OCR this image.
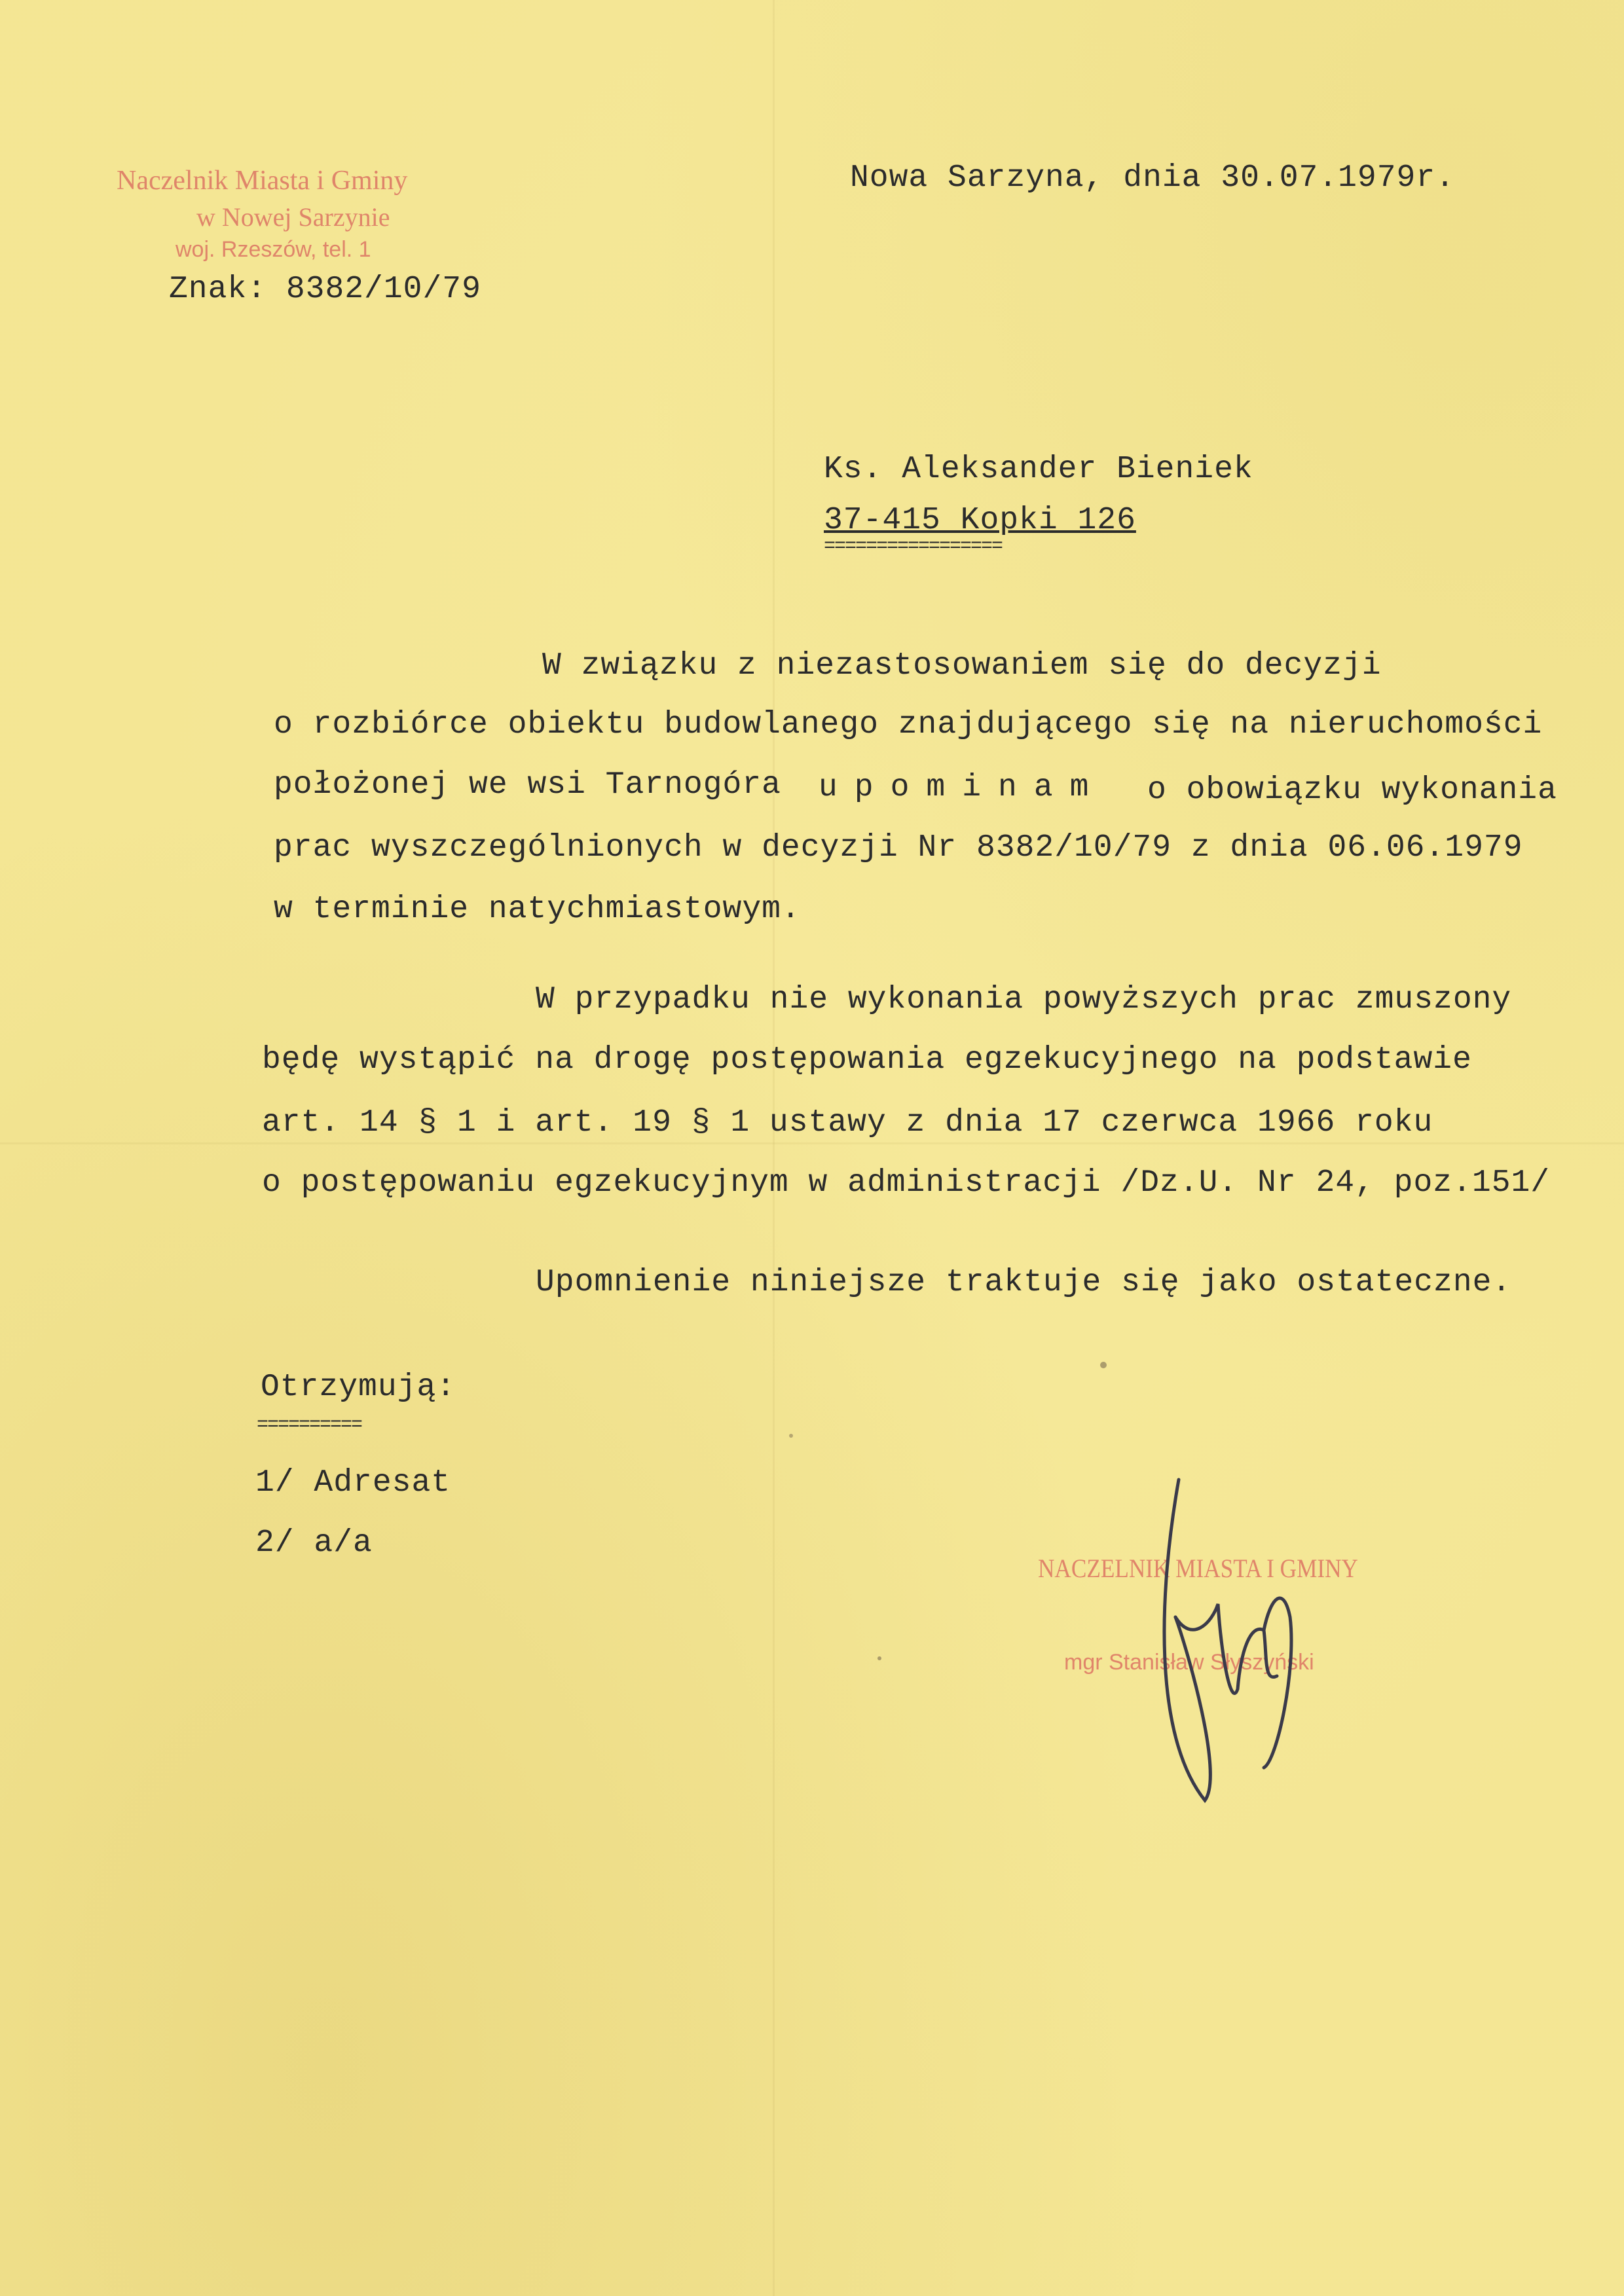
Naczelnik Miasta i Gminy
w Nowej Sarzynie
woj. Rzeszów, tel. 1
Znak: 8382/10/79
Nowa Sarzyna, dnia 30.07.1979r.
Ks. Aleksander Bieniek
37-415 Kopki 126
=================
W związku z niezastosowaniem się do decyzji
o rozbiórce obiektu budowlanego znajdującego się na nieruchomości
położonej we wsi Tarnogóra upominam o obowiązku wykonania
prac wyszczególnionych w decyzji Nr 8382/10/79 z dnia 06.06.1979
w terminie natychmiastowym.
W przypadku nie wykonania powyższych prac zmuszony
będę wystąpić na drogę postępowania egzekucyjnego na podstawie
art. 14 § 1 i art. 19 § 1 ustawy z dnia 17 czerwca 1966 roku
o postępowaniu egzekucyjnym w administracji /Dz.U. Nr 24, poz.151/
Upomnienie niniejsze traktuje się jako ostateczne.
Otrzymują:
==========
1/ Adresat
2/ a/a
NACZELNIK MIASTA I GMINY
mgr Stanisław Słyszyński
